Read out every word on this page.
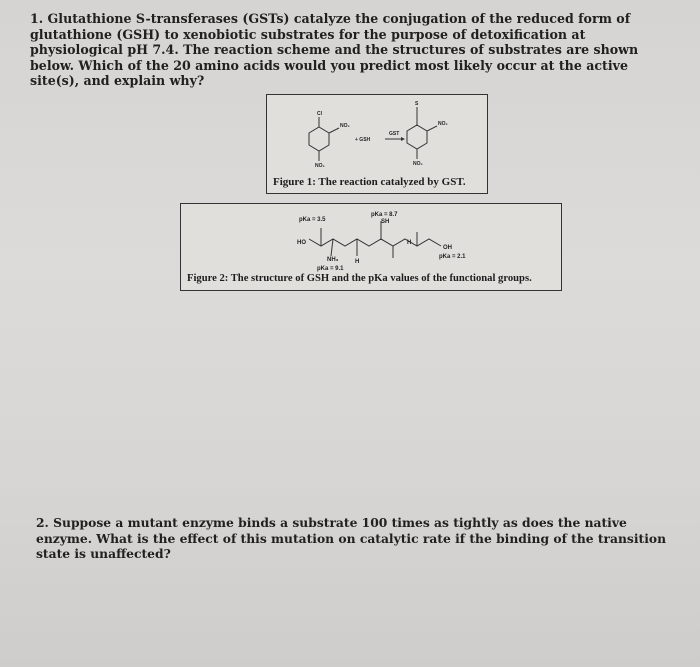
1. Glutathione S-transferases (GSTs) catalyze the conjugation of the reduced form of glutathione (GSH) to xenobiotic substrates for the purpose of detoxification at physiological pH 7.4. The reaction scheme and the structures of substrates are shown below. Which of the 20 amino acids would you predict most likely occur at the active site(s), and explain why?
Cl
NO₂
NO₂
+ GSH
GST
S
NO₂
NO₂
Figure 1: The reaction catalyzed by GST.
pKa = 3.5
pKa = 8.7
SH
HO
OH
NH₃	pKa = 2.1
pKa = 9.1
H
H
Figure 2: The structure of GSH and the pKa values of the functional groups.
2. Suppose a mutant enzyme binds a substrate 100 times as tightly as does the native enzyme. What is the effect of this mutation on catalytic rate if the binding of the transition state is unaffected?
